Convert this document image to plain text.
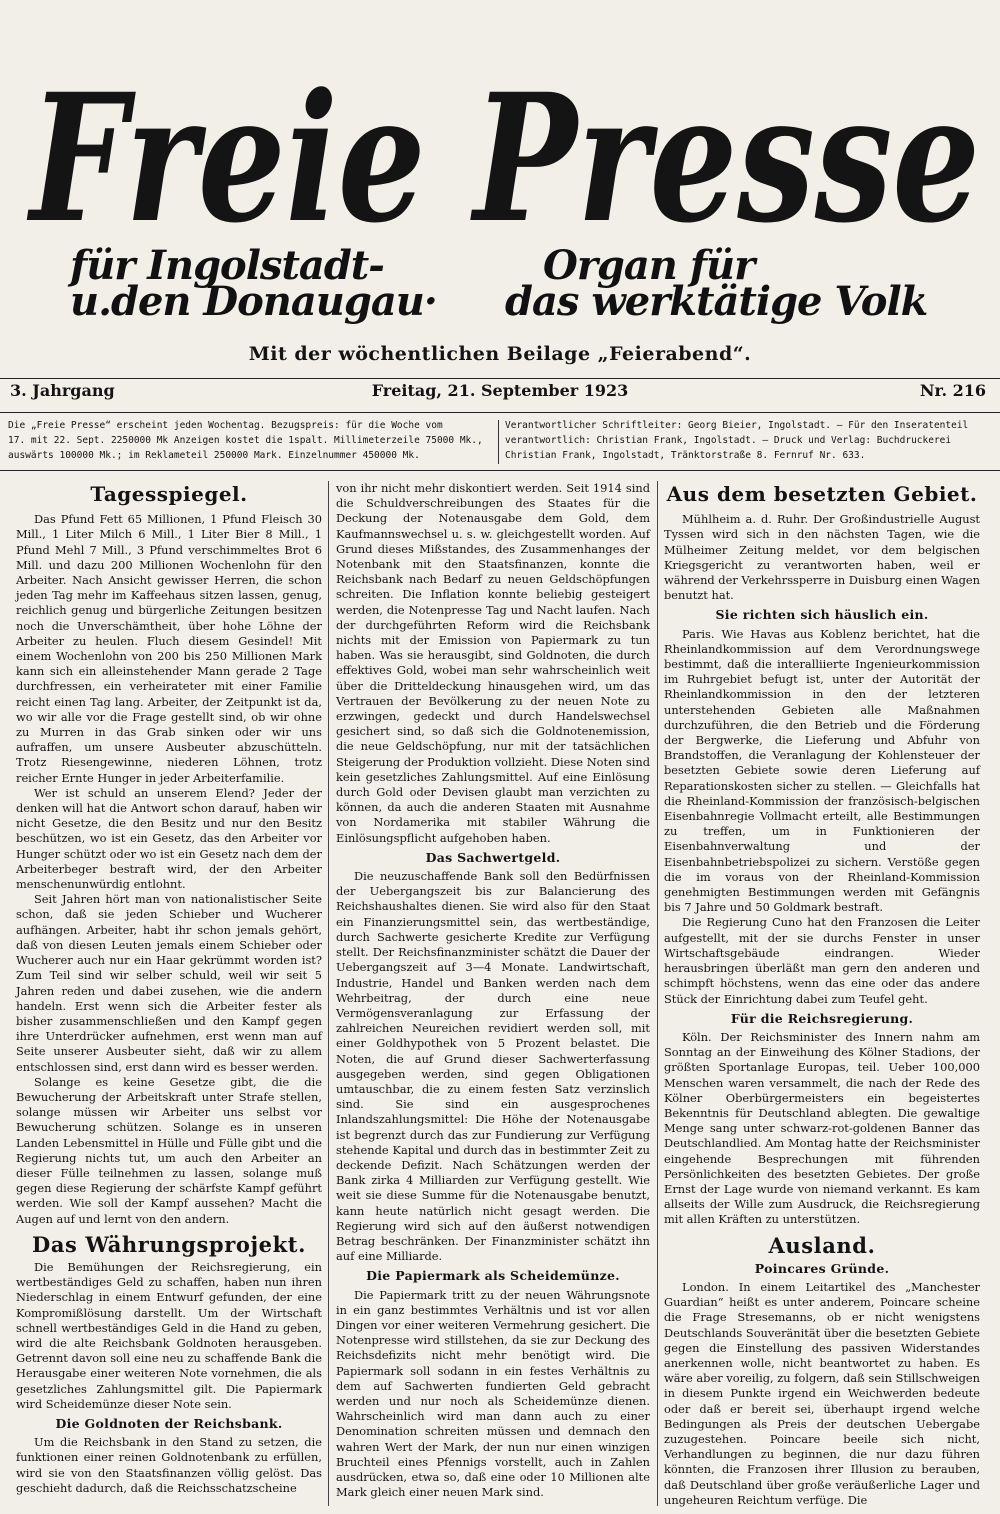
Freie Presse
für Ingolstadt-
u.den Donaugau·
Organ für
das werktätige Volk
Mit der wöchentlichen Beilage „Feierabend“.
3. Jahrgang	Freitag, 21. September 1923	Nr. 216
Die „Freie Presse“ erscheint jeden Wochentag. Bezugspreis: für die Woche vom
17. mit 22. Sept. 2250000 Mk Anzeigen kostet die 1spalt. Millimeterzeile 75000 Mk.,
auswärts 100000 Mk.; im Reklameteil 250000 Mark. Einzelnummer 450000 Mk.
Verantwortlicher Schriftleiter: Georg Bieier, Ingolstadt. — Für den Inseratenteil
verantwortlich: Christian Frank, Ingolstadt. — Druck und Verlag: Buchdruckerei
Christian Frank, Ingolstadt, Tränktorstraße 8. Fernruf Nr. 633.
Tagesspiegel.

Das Pfund Fett 65 Millionen, 1 Pfund Fleisch 30 Mill., 1 Liter Milch 6 Mill., 1 Liter Bier 8 Mill., 1 Pfund Mehl 7 Mill., 3 Pfund verschimmeltes Brot 6 Mill. und dazu 200 Millionen Wochenlohn für den Arbeiter. Nach Ansicht gewisser Herren, die schon jeden Tag mehr im Kaffeehaus sitzen lassen, genug, reichlich genug und bürgerliche Zeitungen besitzen noch die Unverschämtheit, über hohe Löhne der Arbeiter zu heulen. Fluch diesem Gesindel! Mit einem Wochenlohn von 200 bis 250 Millionen Mark kann sich ein alleinstehender Mann gerade 2 Tage durchfressen, ein verheirateter mit einer Familie reicht einen Tag lang. Arbeiter, der Zeitpunkt ist da, wo wir alle vor die Frage gestellt sind, ob wir ohne zu Murren in das Grab sinken oder wir uns aufraffen, um unsere Ausbeuter abzuschütteln. Trotz Riesengewinne, niederen Löhnen, trotz reicher Ernte Hunger in jeder Arbeiterfamilie.

Wer ist schuld an unserem Elend? Jeder der denken will hat die Antwort schon darauf, haben wir nicht Gesetze, die den Besitz und nur den Besitz beschützen, wo ist ein Gesetz, das den Arbeiter vor Hunger schützt oder wo ist ein Gesetz nach dem der Arbeiterbeger bestraft wird, der den Arbeiter menschenunwürdig entlohnt.

Seit Jahren hört man von nationalistischer Seite schon, daß sie jeden Schieber und Wucherer aufhängen. Arbeiter, habt ihr schon jemals gehört, daß von diesen Leuten jemals einem Schieber oder Wucherer auch nur ein Haar gekrümmt worden ist? Zum Teil sind wir selber schuld, weil wir seit 5 Jahren reden und dabei zusehen, wie die andern handeln. Erst wenn sich die Arbeiter fester als bisher zusammenschließen und den Kampf gegen ihre Unterdrücker aufnehmen, erst wenn man auf Seite unserer Ausbeuter sieht, daß wir zu allem entschlossen sind, erst dann wird es besser werden.

Solange es keine Gesetze gibt, die die Bewucherung der Arbeitskraft unter Strafe stellen, solange müssen wir Arbeiter uns selbst vor Bewucherung schützen. Solange es in unseren Landen Lebensmittel in Hülle und Fülle gibt und die Regierung nichts tut, um auch den Arbeiter an dieser Fülle teilnehmen zu lassen, solange muß gegen diese Regierung der schärfste Kampf geführt werden. Wie soll der Kampf aussehen? Macht die Augen auf und lernt von den andern.

Das Währungsprojekt.

Die Bemühungen der Reichsregierung, ein wertbeständiges Geld zu schaffen, haben nun ihren Niederschlag in einem Entwurf gefunden, der eine Kompromißlösung darstellt. Um der Wirtschaft schnell wertbeständiges Geld in die Hand zu geben, wird die alte Reichsbank Goldnoten herausgeben. Getrennt davon soll eine neu zu schaffende Bank die Herausgabe einer weiteren Note vornehmen, die als gesetzliches Zahlungsmittel gilt. Die Papiermark wird Scheidemünze dieser Note sein.

Die Goldnoten der Reichsbank.

Um die Reichsbank in den Stand zu setzen, die funktionen einer reinen Goldnotenbank zu erfüllen, wird sie von den Staatsfinanzen völlig gelöst. Das geschieht dadurch, daß die Reichsschatzscheine

von ihr nicht mehr diskontiert werden. Seit 1914 sind die Schuldverschreibungen des Staates für die Deckung der Notenausgabe dem Gold, dem Kaufmannswechsel u. s. w. gleichgestellt worden. Auf Grund dieses Mißstandes, des Zusammenhanges der Notenbank mit den Staatsfinanzen, konnte die Reichsbank nach Bedarf zu neuen Geldschöpfungen schreiten. Die Inflation konnte beliebig gesteigert werden, die Notenpresse Tag und Nacht laufen. Nach der durchgeführten Reform wird die Reichsbank nichts mit der Emission von Papiermark zu tun haben. Was sie herausgibt, sind Goldnoten, die durch effektives Gold, wobei man sehr wahrscheinlich weit über die Dritteldeckung hinausgehen wird, um das Vertrauen der Bevölkerung zu der neuen Note zu erzwingen, gedeckt und durch Handelswechsel gesichert sind, so daß sich die Goldnotenemission, die neue Geldschöpfung, nur mit der tatsächlichen Steigerung der Produktion vollzieht. Diese Noten sind kein gesetzliches Zahlungsmittel. Auf eine Einlösung durch Gold oder Devisen glaubt man verzichten zu können, da auch die anderen Staaten mit Ausnahme von Nordamerika mit stabiler Währung die Einlösungspflicht aufgehoben haben.

Das Sachwertgeld.

Die neuzuschaffende Bank soll den Bedürfnissen der Uebergangszeit bis zur Balancierung des Reichshaushaltes dienen. Sie wird also für den Staat ein Finanzierungsmittel sein, das wertbeständige, durch Sachwerte gesicherte Kredite zur Verfügung stellt. Der Reichsfinanzminister schätzt die Dauer der Uebergangszeit auf 3—4 Monate. Landwirtschaft, Industrie, Handel und Banken werden nach dem Wehrbeitrag, der durch eine neue Vermögensveranlagung zur Erfassung der zahlreichen Neureichen revidiert werden soll, mit einer Goldhypothek von 5 Prozent belastet. Die Noten, die auf Grund dieser Sachwerterfassung ausgegeben werden, sind gegen Obligationen umtauschbar, die zu einem festen Satz verzinslich sind. Sie sind ein ausgesprochenes Inlandszahlungsmittel: Die Höhe der Notenausgabe ist begrenzt durch das zur Fundierung zur Verfügung stehende Kapital und durch das in bestimmter Zeit zu deckende Defizit. Nach Schätzungen werden der Bank zirka 4 Milliarden zur Verfügung gestellt. Wie weit sie diese Summe für die Notenausgabe benutzt, kann heute natürlich nicht gesagt werden. Die Regierung wird sich auf den äußerst notwendigen Betrag beschränken. Der Finanzminister schätzt ihn auf eine Milliarde.

Die Papiermark als Scheidemünze.

Die Papiermark tritt zu der neuen Währungsnote in ein ganz bestimmtes Verhältnis und ist vor allen Dingen vor einer weiteren Vermehrung gesichert. Die Notenpresse wird stillstehen, da sie zur Deckung des Reichsdefizits nicht mehr benötigt wird. Die Papiermark soll sodann in ein festes Verhältnis zu dem auf Sachwerten fundierten Geld gebracht werden und nur noch als Scheidemünze dienen. Wahrscheinlich wird man dann auch zu einer Denomination schreiten müssen und demnach den wahren Wert der Mark, der nun nur einen winzigen Bruchteil eines Pfennigs vorstellt, auch in Zahlen ausdrücken, etwa so, daß eine oder 10 Millionen alte Mark gleich einer neuen Mark sind.

Aus dem besetzten Gebiet.

Mühlheim a. d. Ruhr. Der Großindustrielle August Tyssen wird sich in den nächsten Tagen, wie die Mülheimer Zeitung meldet, vor dem belgischen Kriegsgericht zu verantworten haben, weil er während der Verkehrssperre in Duisburg einen Wagen benutzt hat.

Sie richten sich häuslich ein.

Paris. Wie Havas aus Koblenz berichtet, hat die Rheinlandkommission auf dem Verordnungswege bestimmt, daß die interalliierte Ingenieurkommission im Ruhrgebiet befugt ist, unter der Autorität der Rheinlandkommission in den der letzteren unterstehenden Gebieten alle Maßnahmen durchzuführen, die den Betrieb und die Förderung der Bergwerke, die Lieferung und Abfuhr von Brandstoffen, die Veranlagung der Kohlensteuer der besetzten Gebiete sowie deren Lieferung auf Reparationskosten sicher zu stellen. — Gleichfalls hat die Rheinland-Kommission der französisch-belgischen Eisenbahnregie Vollmacht erteilt, alle Bestimmungen zu treffen, um in Funktionieren der Eisenbahnverwaltung und der Eisenbahnbetriebspolizei zu sichern. Verstöße gegen die im voraus von der Rheinland-Kommission genehmigten Bestimmungen werden mit Gefängnis bis 7 Jahre und 50 Goldmark bestraft.

Die Regierung Cuno hat den Franzosen die Leiter aufgestellt, mit der sie durchs Fenster in unser Wirtschaftsgebäude eindrangen. Wieder herausbringen überläßt man gern den anderen und schimpft höchstens, wenn das eine oder das andere Stück der Einrichtung dabei zum Teufel geht.

Für die Reichsregierung.

Köln. Der Reichsminister des Innern nahm am Sonntag an der Einweihung des Kölner Stadions, der größten Sportanlage Europas, teil. Ueber 100,000 Menschen waren versammelt, die nach der Rede des Kölner Oberbürgermeisters ein begeistertes Bekenntnis für Deutschland ablegten. Die gewaltige Menge sang unter schwarz-rot-goldenen Banner das Deutschlandlied. Am Montag hatte der Reichsminister eingehende Besprechungen mit führenden Persönlichkeiten des besetzten Gebietes. Der große Ernst der Lage wurde von niemand verkannt. Es kam allseits der Wille zum Ausdruck, die Reichsregierung mit allen Kräften zu unterstützen.

Ausland.
Poincares Gründe.

London. In einem Leitartikel des „Manchester Guardian“ heißt es unter anderem, Poincare scheine die Frage Stresemanns, ob er nicht wenigstens Deutschlands Souveränität über die besetzten Gebiete gegen die Einstellung des passiven Widerstandes anerkennen wolle, nicht beantwortet zu haben. Es wäre aber voreilig, zu folgern, daß sein Stillschweigen in diesem Punkte irgend ein Weichwerden bedeute oder daß er bereit sei, überhaupt irgend welche Bedingungen als Preis der deutschen Uebergabe zuzugestehen. Poincare beeile sich nicht, Verhandlungen zu beginnen, die nur dazu führen könnten, die Franzosen ihrer Illusion zu berauben, daß Deutschland über große veräußerliche Lager und ungeheuren Reichtum verfüge. Die
